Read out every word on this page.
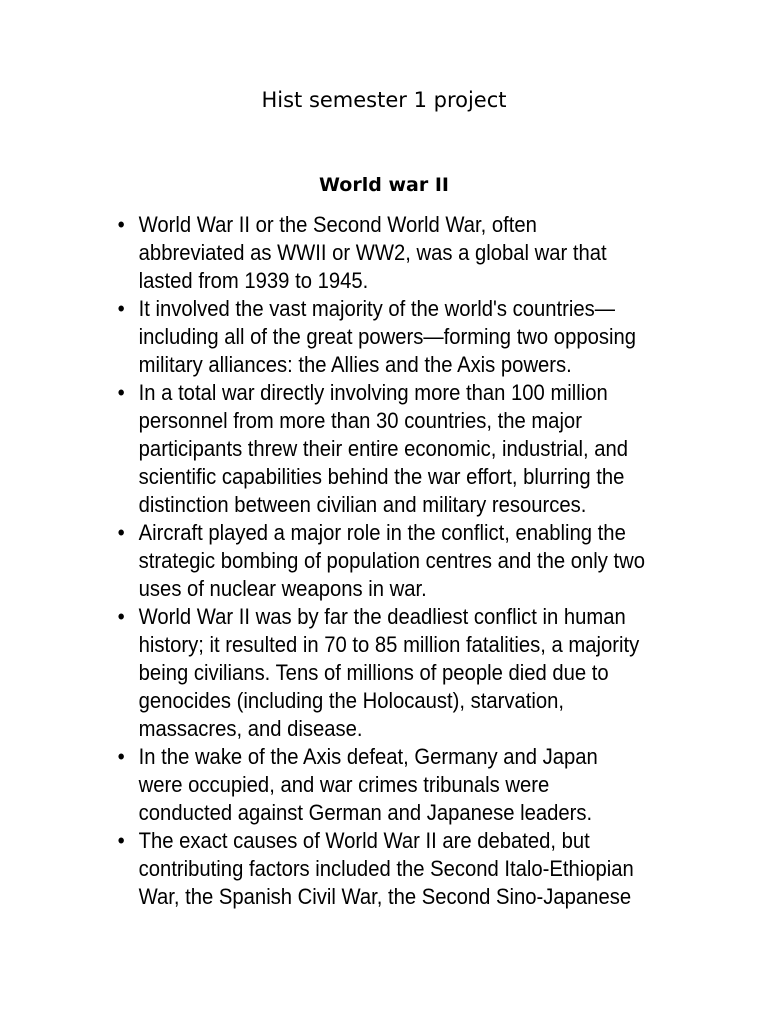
Hist semester 1 project
World war II
• World War II or the Second World War, often abbreviated as WWII or WW2, was a global war that lasted from 1939 to 1945.
• It involved the vast majority of the world's countries—including all of the great powers—forming two opposing military alliances: the Allies and the Axis powers.
• In a total war directly involving more than 100 million personnel from more than 30 countries, the major participants threw their entire economic, industrial, and scientific capabilities behind the war effort, blurring the distinction between civilian and military resources.
• Aircraft played a major role in the conflict, enabling the strategic bombing of population centres and the only two uses of nuclear weapons in war.
• World War II was by far the deadliest conflict in human history; it resulted in 70 to 85 million fatalities, a majority being civilians. Tens of millions of people died due to genocides (including the Holocaust), starvation, massacres, and disease.
• In the wake of the Axis defeat, Germany and Japan were occupied, and war crimes tribunals were conducted against German and Japanese leaders.
• The exact causes of World War II are debated, but contributing factors included the Second Italo-Ethiopian War, the Spanish Civil War, the Second Sino-Japanese
